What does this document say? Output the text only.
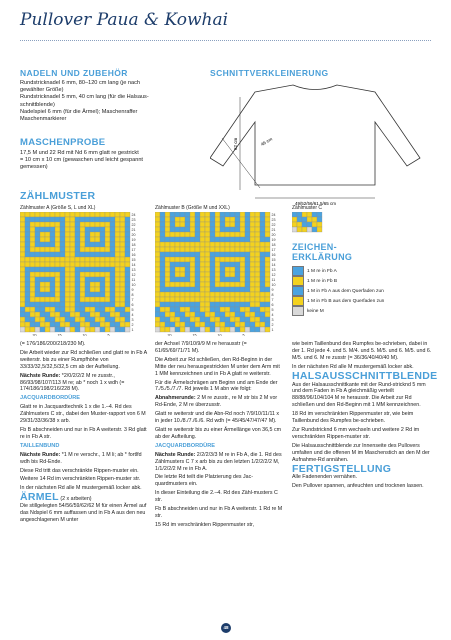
Pullover Paua & Kowhai
NADELN UND ZUBEHÖR
Rundstricknadel 6 mm, 80–120 cm lang (je nach
gewählter Größe)
Rundstricknadel 5 mm, 40 cm lang (für die Halsaus-
schnittblende)
Nadelspiel 6 mm (für die Ärmel); Maschenraffer
Maschenmarkierer
MASCHENPROBE
17,5 M und 22 Rd mit Nd 6 mm glatt re gestrickt
= 10 cm x 10 cm (gewaschen und leicht gespannt
gemessen)
SCHNITTVERKLEINERUNG
62 cm	46 cm
49/52/56/61,5/65 cm
ZÄHLMUSTER
Zählmuster A (Größe S, L und XL)	Zählmuster B (Größe M und XXL)	Zählmuster C
24
23
22
21
20
19
18
17
16
15
14
13
12
11
10
9
8
7
6
5
4
3
2
1
20	15	10	5
24
23
22
21
20
19
18
17
16
15
14
13
12
11
10
9
8
7
6
5
4
3
2
1
20	15	10	5
ZEICHEN-
ERKLÄRUNG
1 M re in Fb A
1 M re in Fb B
1 M in Fb A aus dem Querfaden zun
1 M in Fb B aus dem Querfaden zun
keine M

(= 176/186/200/218/230 M).

Die Arbeit wieder zur Rd schließen und glatt re in Fb A weiterstr. bis zu einer Rumpfhöhe von 33/33/32,5/32,5/32,5 cm ab der Aufteilung.

Nächste Runde: *2/0/2/2/2 M re zusstr., 86/93/98/107/113 M re; ab * noch 1 x wdh (= 174/186/198/216/228 M).

JACQUARDBORDÜRE

Glatt re in Jacquardtechnik 1 x die 1.–4. Rd des Zählmusters C str., dabei den Muster-rapport von 6 M 29/31/33/36/38 x arb.

Fb B abschneiden und nur in Fb A weiterstr. 3 Rd glatt re in Fb A str.

TAILLENBUND

Nächste Runde: *1 M re verschr., 1 M li; ab * fortlfd wdh bis Rd-Ende.

Diese Rd tritt das verschränkte Rippen-muster ein.

Weitere 14 Rd im verschränkten Rippen-muster str.

In der nächsten Rd alle M mustergemäß locker abk.

ÄRMEL (2 x arbeiten)

Die stillgelegten 54/56/59/62/62 M für einen Ärmel auf das Ndspiel 6 mm auffassen und in Fb A aus den neu angeschlagenen M unter

der Achsel 7/9/10/9/9 M re herausstr (= 61/65/69/71/71 M).

Die Arbeit zur Rd schließen, den Rd-Beginn in der Mitte der neu herausgestrickten M unter dem Arm mit 1 MM kennzeichnen und in Fb A glatt re weiterstr.

Für die Ärmelschrägen am Beginn und am Ende der 7./5./5./7./7. Rd jeweils 1 M abn wie folgt:

Abnahmerunde: 2 M re zusstr., re M str bis 2 M vor Rd-Ende, 2 M re überzusstr.

Glatt re weiterstr und die Abn-Rd noch 7/9/10/11/11 x in jeder 10./8./7./6./6. Rd wdh (= 45/45/47/47/47 M).

Glatt re weiterstr bis zu einer Ärmellänge von 36,5 cm ab der Aufteilung.

JACQUARDBORDÜRE

Nächste Runde: 2/2/2/3/3 M re in Fb A, die 1. Rd des Zählmusters C 7 x arb bis zu den letzten 1/2/2/2/2 M, 1/1/2/2/2 M re in Fb A.

Die letzte Rd teilt die Platzierung des Jac-quardmusters ein.

In dieser Einteilung die 2.–4. Rd des Zähl-musters C str.

Fb B abschneiden und nur in Fb A weiterstr. 1 Rd re M str.

15 Rd im verschränkten Rippenmuster str,

wie beim Taillenbund des Rumpfes be-schrieben, dabei in der 1. Rd jede 4. und 5. M/4. und 5. M/5. und 6. M/5. und 6. M/5. und 6. M re zusstr (= 36/36/40/40/40 M).

In der nächsten Rd alle M mustergemäß locker abk.

HALSAUSSCHNITTBLENDE

Aus der Halsausschnittkante mit der Rund-stricknd 5 mm und dem Faden in Fb A gleichmäßig verteilt 88/88/96/104/104 M re herausstr. Die Arbeit zur Rd schließen und den Rd-Beginn mit 1 MM kennzeichnen.

18 Rd im verschränkten Rippenmuster str, wie beim Taillenbund des Rumpfes be-schrieben.

Zur Rundstricknd 6 mm wechseln und weitere 2 Rd im verschränkten Rippen-muster str.

Die Halsausschnittblende zur Innenseite des Pullovers umfalten und die offenen M im Maschenstich an den M der Aufnahme-Rd annähen.

FERTIGSTELLUNG

Alle Fadenenden vernähen.

Den Pullover spannen, anfeuchten und trocknen lassen.

48
